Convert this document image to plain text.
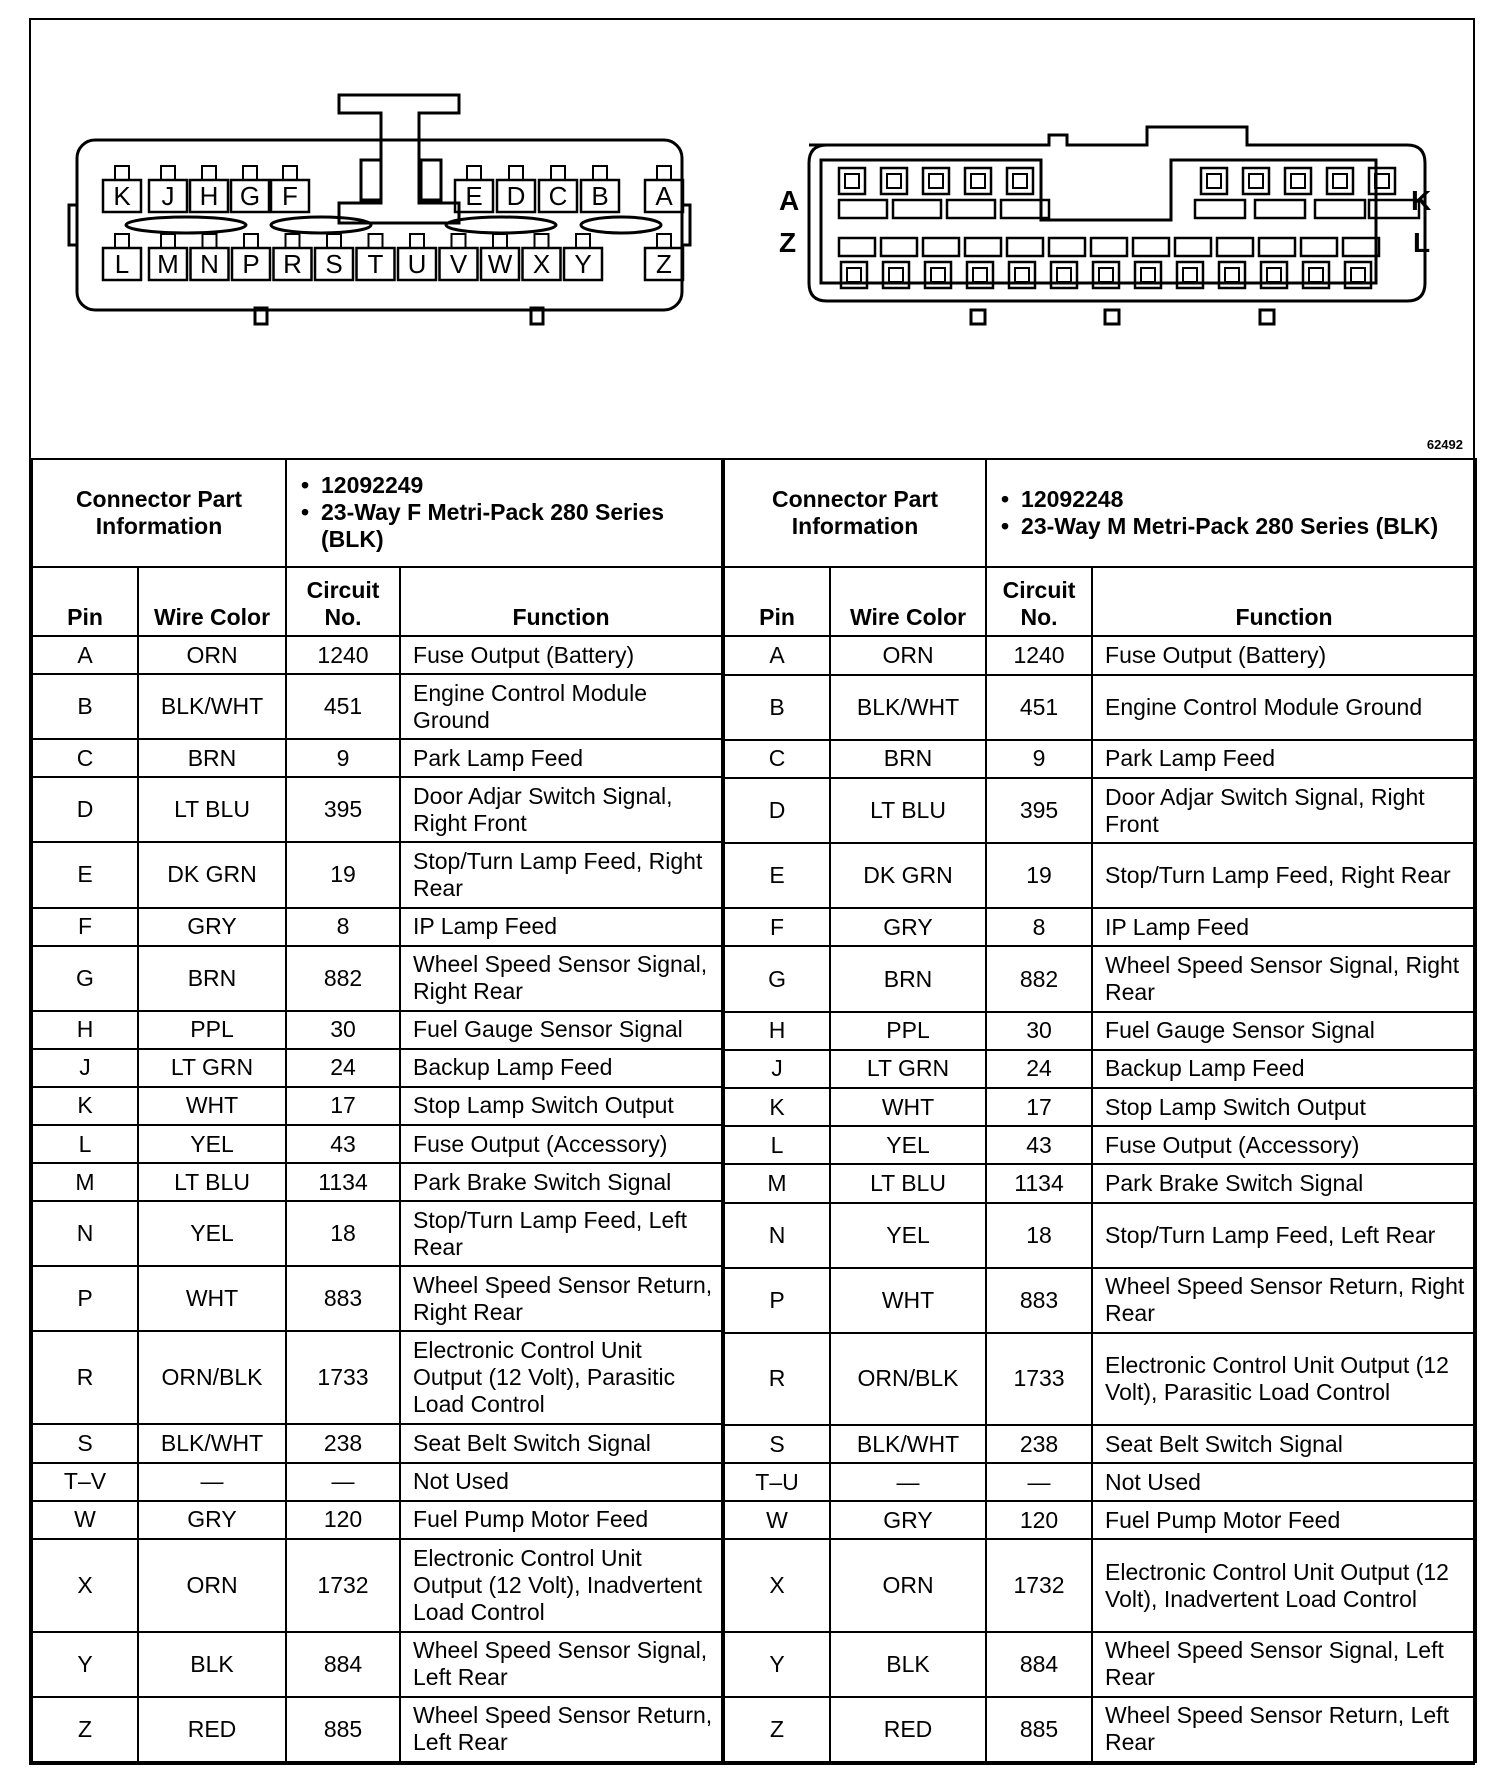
K J H G F	E D C B A
L M N P R S T U V W X Y Z
A
Z
K
L
62492
Connector Part Information		• 12092249
• 23-Way F Metri-Pack 280 Series (BLK)

Pin	Wire Color	Circuit No.	Function
A	ORN	1240	Fuse Output (Battery)
B	BLK/WHT	451	Engine Control Module Ground
C	BRN	9	Park Lamp Feed
D	LT BLU	395	Door Adjar Switch Signal, Right Front
E	DK GRN	19	Stop/Turn Lamp Feed, Right Rear
F	GRY	8	IP Lamp Feed
G	BRN	882	Wheel Speed Sensor Signal, Right Rear
H	PPL	30	Fuel Gauge Sensor Signal
J	LT GRN	24	Backup Lamp Feed
K	WHT	17	Stop Lamp Switch Output
L	YEL	43	Fuse Output (Accessory)
M	LT BLU	1134	Park Brake Switch Signal
N	YEL	18	Stop/Turn Lamp Feed, Left Rear
P	WHT	883	Wheel Speed Sensor Return, Right Rear
R	ORN/BLK	1733	Electronic Control Unit Output (12 Volt), Parasitic Load Control
S	BLK/WHT	238	Seat Belt Switch Signal
T–V	—	—	Not Used
W	GRY	120	Fuel Pump Motor Feed
X	ORN	1732	Electronic Control Unit Output (12 Volt), Inadvertent Load Control
Y	BLK	884	Wheel Speed Sensor Signal, Left Rear
Z	RED	885	Wheel Speed Sensor Return, Left Rear
Connector Part Information		• 12092248
• 23-Way M Metri-Pack 280 Series (BLK)

Pin	Wire Color	Circuit No.	Function
A	ORN	1240	Fuse Output (Battery)
B	BLK/WHT	451	Engine Control Module Ground
C	BRN	9	Park Lamp Feed
D	LT BLU	395	Door Adjar Switch Signal, Right Front
E	DK GRN	19	Stop/Turn Lamp Feed, Right Rear
F	GRY	8	IP Lamp Feed
G	BRN	882	Wheel Speed Sensor Signal, Right Rear
H	PPL	30	Fuel Gauge Sensor Signal
J	LT GRN	24	Backup Lamp Feed
K	WHT	17	Stop Lamp Switch Output
L	YEL	43	Fuse Output (Accessory)
M	LT BLU	1134	Park Brake Switch Signal
N	YEL	18	Stop/Turn Lamp Feed, Left Rear
P	WHT	883	Wheel Speed Sensor Return, Right Rear
R	ORN/BLK	1733	Electronic Control Unit Output (12 Volt), Parasitic Load Control
S	BLK/WHT	238	Seat Belt Switch Signal
T–U	—	—	Not Used
W	GRY	120	Fuel Pump Motor Feed
X	ORN	1732	Electronic Control Unit Output (12 Volt), Inadvertent Load Control
Y	BLK	884	Wheel Speed Sensor Signal, Left Rear
Z	RED	885	Wheel Speed Sensor Return, Left Rear
